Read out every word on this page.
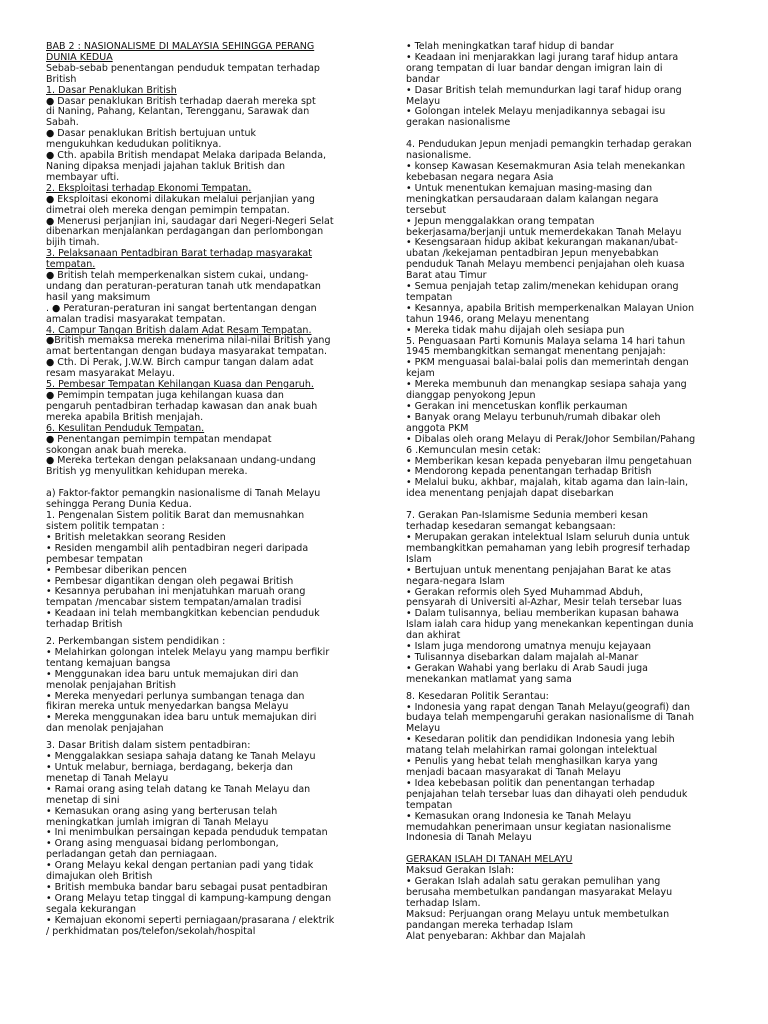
BAB 2 : NASIONALISME DI MALAYSIA SEHINGGA PERANG
DUNIA KEDUA
Sebab-sebab penentangan penduduk tempatan terhadap
British
1. Dasar Penaklukan British
● Dasar penaklukan British terhadap daerah mereka spt
di Naning, Pahang, Kelantan, Terengganu, Sarawak dan
Sabah.
● Dasar penaklukan British bertujuan untuk
mengukuhkan kedudukan politiknya.
● Cth. apabila British mendapat Melaka daripada Belanda,
Naning dipaksa menjadi jajahan takluk British dan
membayar ufti.
2. Eksploitasi terhadap Ekonomi Tempatan.
● Eksploitasi ekonomi dilakukan melalui perjanjian yang
dimetrai oleh mereka dengan pemimpin tempatan.
● Menerusi perjanjian ini, saudagar dari Negeri-Negeri Selat
dibenarkan menjalankan perdagangan dan perlombongan
bijih timah.
3. Pelaksanaan Pentadbiran Barat terhadap masyarakat
tempatan.
● British telah memperkenalkan sistem cukai, undang-
undang dan peraturan-peraturan tanah utk mendapatkan
hasil yang maksimum
. ● Peraturan-peraturan ini sangat bertentangan dengan
amalan tradisi masyarakat tempatan.
4. Campur Tangan British dalam Adat Resam Tempatan.
●British memaksa mereka menerima nilai-nilai British yang
amat bertentangan dengan budaya masyarakat tempatan.
● Cth. Di Perak, J.W.W. Birch campur tangan dalam adat
resam masyarakat Melayu.
5. Pembesar Tempatan Kehilangan Kuasa dan Pengaruh.
● Pemimpin tempatan juga kehilangan kuasa dan
pengaruh pentadbiran terhadap kawasan dan anak buah
mereka apabila British menjajah.
6. Kesulitan Penduduk Tempatan.
● Penentangan pemimpin tempatan mendapat
sokongan anak buah mereka.
● Mereka tertekan dengan pelaksanaan undang-undang
British yg menyulitkan kehidupan mereka.
a) Faktor-faktor pemangkin nasionalisme di Tanah Melayu
sehingga Perang Dunia Kedua.
1. Pengenalan Sistem politik Barat dan memusnahkan
sistem politik tempatan :
• British meletakkan seorang Residen
• Residen mengambil alih pentadbiran negeri daripada
pembesar tempatan
• Pembesar diberikan pencen
• Pembesar digantikan dengan oleh pegawai British
• Kesannya perubahan ini menjatuhkan maruah orang
tempatan /mencabar sistem tempatan/amalan tradisi
• Keadaan ini telah membangkitkan kebencian penduduk
terhadap British
2. Perkembangan sistem pendidikan :
• Melahirkan golongan intelek Melayu yang mampu berfikir
tentang kemajuan bangsa
• Menggunakan idea baru untuk memajukan diri dan
menolak penjajahan British
• Mereka menyedari perlunya sumbangan tenaga dan
fikiran mereka untuk menyedarkan bangsa Melayu
• Mereka menggunakan idea baru untuk memajukan diri
dan menolak penjajahan
3. Dasar British dalam sistem pentadbiran:
• Menggalakkan sesiapa sahaja datang ke Tanah Melayu
• Untuk melabur, berniaga, berdagang, bekerja dan
menetap di Tanah Melayu
• Ramai orang asing telah datang ke Tanah Melayu dan
menetap di sini
• Kemasukan orang asing yang berterusan telah
meningkatkan jumlah imigran di Tanah Melayu
• Ini menimbulkan persaingan kepada penduduk tempatan
• Orang asing menguasai bidang perlombongan,
perladangan getah dan perniagaan.
• Orang Melayu kekal dengan pertanian padi yang tidak
dimajukan oleh British
• British membuka bandar baru sebagai pusat pentadbiran
• Orang Melayu tetap tinggal di kampung-kampung dengan
segala kekurangan
• Kemajuan ekonomi seperti perniagaan/prasarana / elektrik
/ perkhidmatan pos/telefon/sekolah/hospital
• Telah meningkatkan taraf hidup di bandar
• Keadaan ini menjarakkan lagi jurang taraf hidup antara
orang tempatan di luar bandar dengan imigran lain di
bandar
• Dasar British telah memundurkan lagi taraf hidup orang
Melayu
• Golongan intelek Melayu menjadikannya sebagai isu
gerakan nasionalisme
4. Pendudukan Jepun menjadi pemangkin terhadap gerakan
nasionalisme.
• konsep Kawasan Kesemakmuran Asia telah menekankan
kebebasan negara negara Asia
• Untuk menentukan kemajuan masing-masing dan
meningkatkan persaudaraan dalam kalangan negara
tersebut
• Jepun menggalakkan orang tempatan
bekerjasama/berjanji untuk memerdekakan Tanah Melayu
• Kesengsaraan hidup akibat kekurangan makanan/ubat-
ubatan /kekejaman pentadbiran Jepun menyebabkan
penduduk Tanah Melayu membenci penjajahan oleh kuasa
Barat atau Timur
• Semua penjajah tetap zalim/menekan kehidupan orang
tempatan
• Kesannya, apabila British memperkenalkan Malayan Union
tahun 1946, orang Melayu menentang
• Mereka tidak mahu dijajah oleh sesiapa pun
5. Penguasaan Parti Komunis Malaya selama 14 hari tahun
1945 membangkitkan semangat menentang penjajah:
• PKM menguasai balai-balai polis dan memerintah dengan
kejam
• Mereka membunuh dan menangkap sesiapa sahaja yang
dianggap penyokong Jepun
• Gerakan ini mencetuskan konflik perkauman
• Banyak orang Melayu terbunuh/rumah dibakar oleh
anggota PKM
• Dibalas oleh orang Melayu di Perak/Johor Sembilan/Pahang
6 .Kemunculan mesin cetak:
• Memberikan kesan kepada penyebaran ilmu pengetahuan
• Mendorong kepada penentangan terhadap British
• Melalui buku, akhbar, majalah, kitab agama dan lain-lain,
idea menentang penjajah dapat disebarkan
7. Gerakan Pan-Islamisme Sedunia memberi kesan
terhadap kesedaran semangat kebangsaan:
• Merupakan gerakan intelektual Islam seluruh dunia untuk
membangkitkan pemahaman yang lebih progresif terhadap
Islam
• Bertujuan untuk menentang penjajahan Barat ke atas
negara-negara Islam
• Gerakan reformis oleh Syed Muhammad Abduh,
pensyarah di Universiti al-Azhar, Mesir telah tersebar luas
• Dalam tulisannya, beliau memberikan kupasan bahawa
Islam ialah cara hidup yang menekankan kepentingan dunia
dan akhirat
• Islam juga mendorong umatnya menuju kejayaan
• Tulisannya disebarkan dalam majalah al-Manar
• Gerakan Wahabi yang berlaku di Arab Saudi juga
menekankan matlamat yang sama
8. Kesedaran Politik Serantau:
• Indonesia yang rapat dengan Tanah Melayu(geografi) dan
budaya telah mempengaruhi gerakan nasionalisme di Tanah
Melayu
• Kesedaran politik dan pendidikan Indonesia yang lebih
matang telah melahirkan ramai golongan intelektual
• Penulis yang hebat telah menghasilkan karya yang
menjadi bacaan masyarakat di Tanah Melayu
• Idea kebebasan politik dan penentangan terhadap
penjajahan telah tersebar luas dan dihayati oleh penduduk
tempatan
• Kemasukan orang Indonesia ke Tanah Melayu
memudahkan penerimaan unsur kegiatan nasionalisme
Indonesia di Tanah Melayu
GERAKAN ISLAH DI TANAH MELAYU
Maksud Gerakan Islah:
• Gerakan Islah adalah satu gerakan pemulihan yang
berusaha membetulkan pandangan masyarakat Melayu
terhadap Islam.
Maksud: Perjuangan orang Melayu untuk membetulkan
pandangan mereka terhadap Islam
Alat penyebaran: Akhbar dan Majalah
